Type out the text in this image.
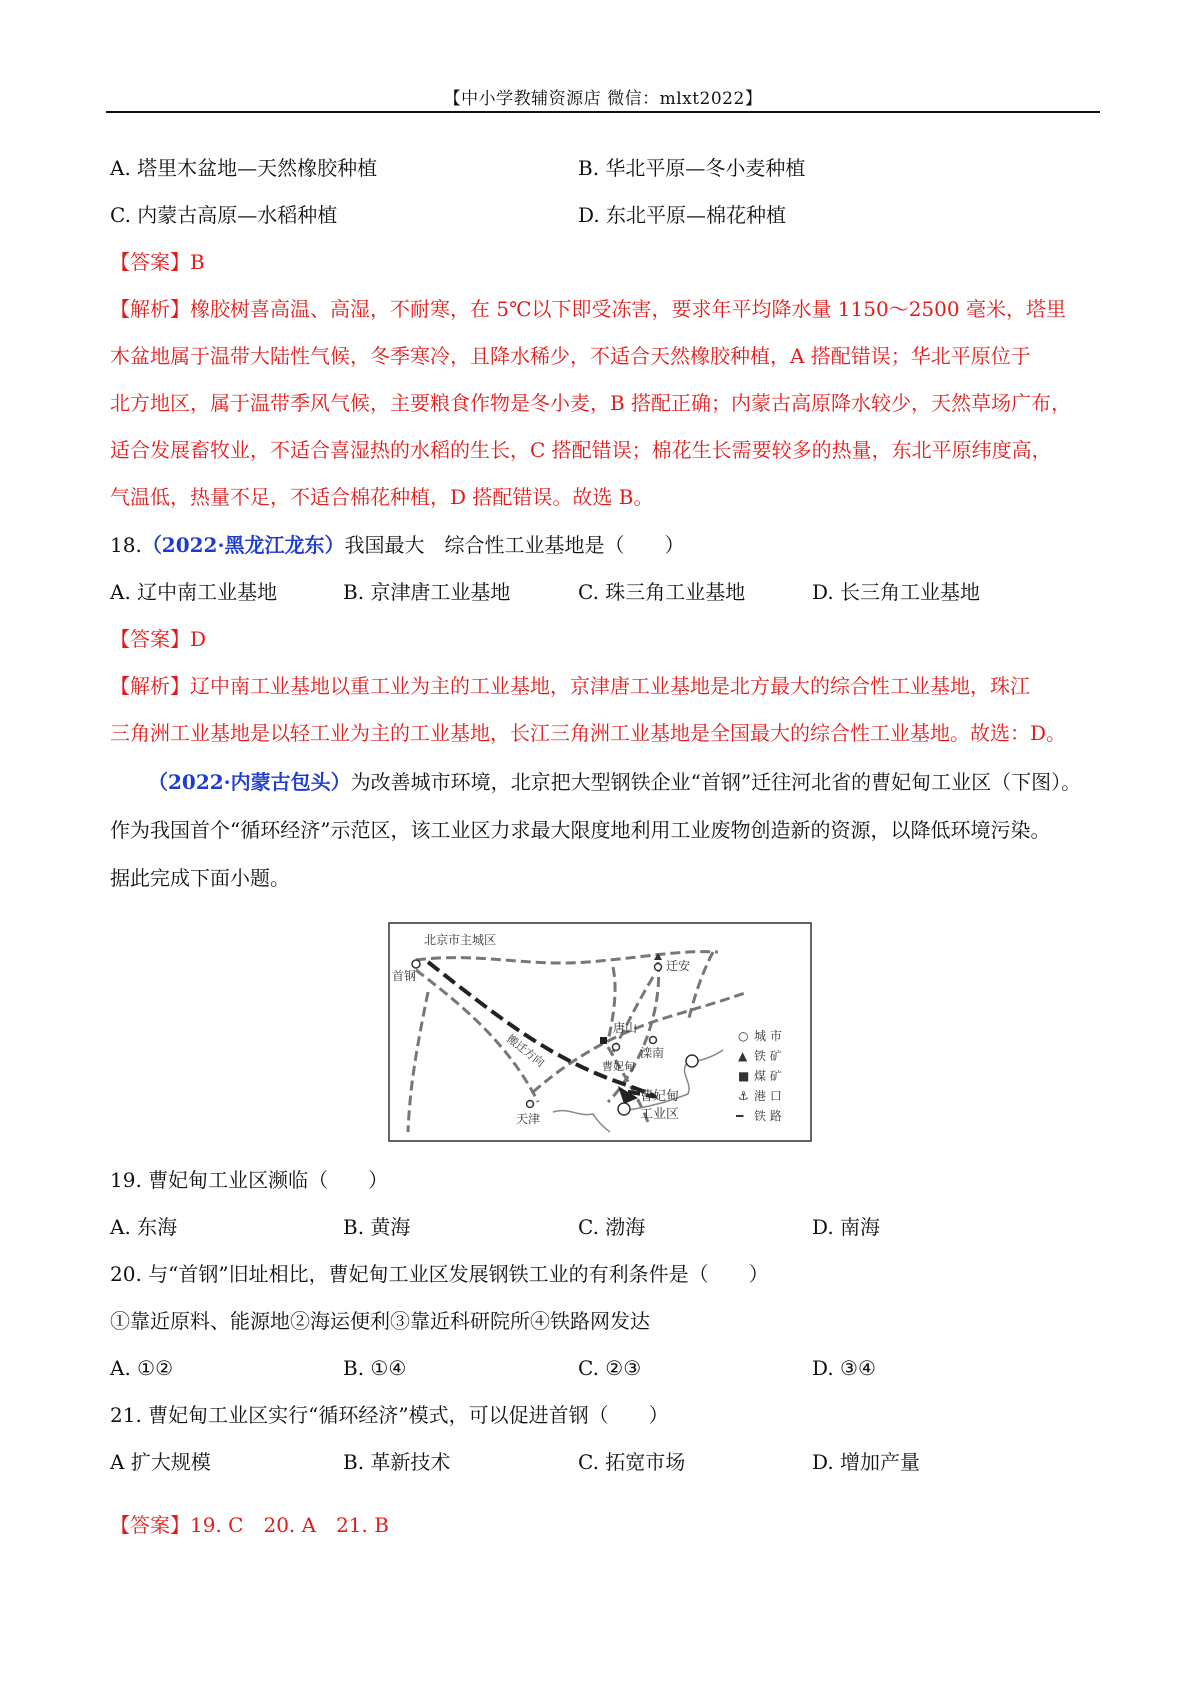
【中小学教辅资源店 微信：mlxt2022】
A. 塔里木盆地—天然橡胶种植	B. 华北平原—冬小麦种植
C. 内蒙古高原—水稻种植	D. 东北平原—棉花种植
【答案】B
【解析】橡胶树喜高温、高湿，不耐寒，在 5℃以下即受冻害，要求年平均降水量 1150～2500 毫米，塔里
木盆地属于温带大陆性气候，冬季寒冷，且降水稀少，不适合天然橡胶种植，A 搭配错误；华北平原位于
北方地区，属于温带季风气候，主要粮食作物是冬小麦，B 搭配正确；内蒙古高原降水较少，天然草场广布，
适合发展畜牧业，不适合喜湿热的水稻的生长，C 搭配错误；棉花生长需要较多的热量，东北平原纬度高，
气温低，热量不足，不适合棉花种植，D 搭配错误。故选 B。
18.（2022·黑龙江龙东）我国最大　综合性工业基地是（　　）
A. 辽中南工业基地	B. 京津唐工业基地	C. 珠三角工业基地	D. 长三角工业基地
【答案】D
【解析】辽中南工业基地以重工业为主的工业基地，京津唐工业基地是北方最大的综合性工业基地，珠江
三角洲工业基地是以轻工业为主的工业基地，长江三角洲工业基地是全国最大的综合性工业基地。故选：D。
（2022·内蒙古包头）为改善城市环境，北京把大型钢铁企业“首钢”迁往河北省的曹妃甸工业区（下图）。
作为我国首个“循环经济”示范区，该工业区力求最大限度地利用工业废物创造新的资源，以降低环境污染。
据此完成下面小题。
北京市主城区
首钢
迁安
搬迁方向
唐山
滦南
曹妃甸
曹妃甸
工业区
天津
○ 城 市
▲ 铁 矿
■ 煤 矿
⚓ 港 口
━ 铁 路
19. 曹妃甸工业区濒临（　　）
A. 东海	B. 黄海	C. 渤海	D. 南海
20. 与“首钢”旧址相比，曹妃甸工业区发展钢铁工业的有利条件是（　　）
①靠近原料、能源地②海运便利③靠近科研院所④铁路网发达
A. ①②	B. ①④	C. ②③	D. ③④
21. 曹妃甸工业区实行“循环经济”模式，可以促进首钢（　　）
A 扩大规模	B. 革新技术	C. 拓宽市场	D. 增加产量
【答案】19. C　20. A　21. B
